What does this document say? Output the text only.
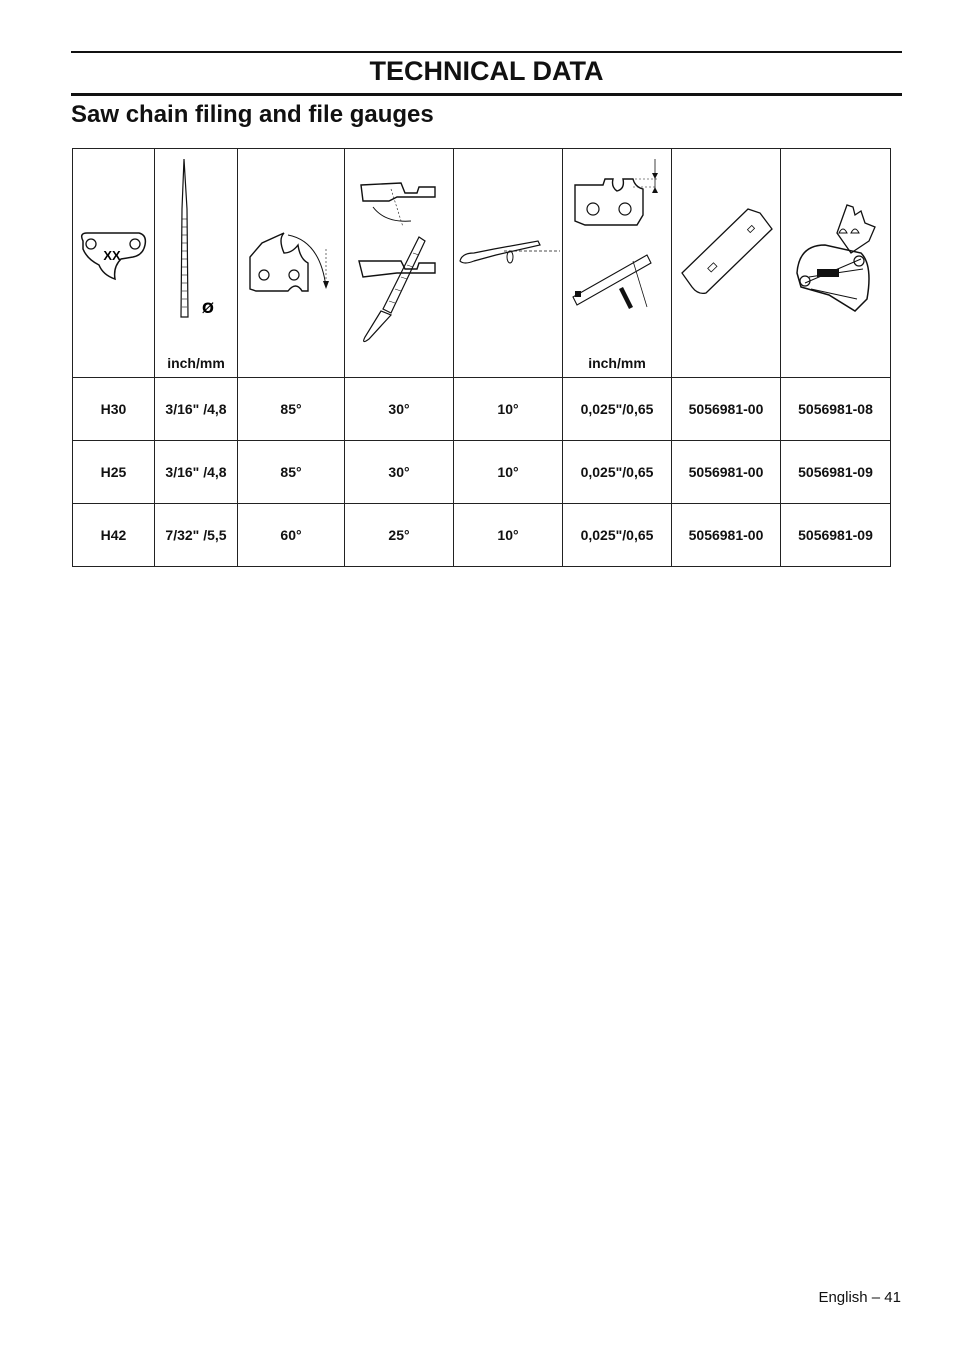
TECHNICAL DATA
Saw chain filing and file gauges
XX	Ø
inch/mm				inch/mm

H30	3/16" /4,8	85°	30°	10°	0,025"/0,65	5056981-00	5056981-08
H25	3/16" /4,8	85°	30°	10°	0,025"/0,65	5056981-00	5056981-09
H42	7/32" /5,5	60°	25°	10°	0,025"/0,65	5056981-00	5056981-09
English – 41
